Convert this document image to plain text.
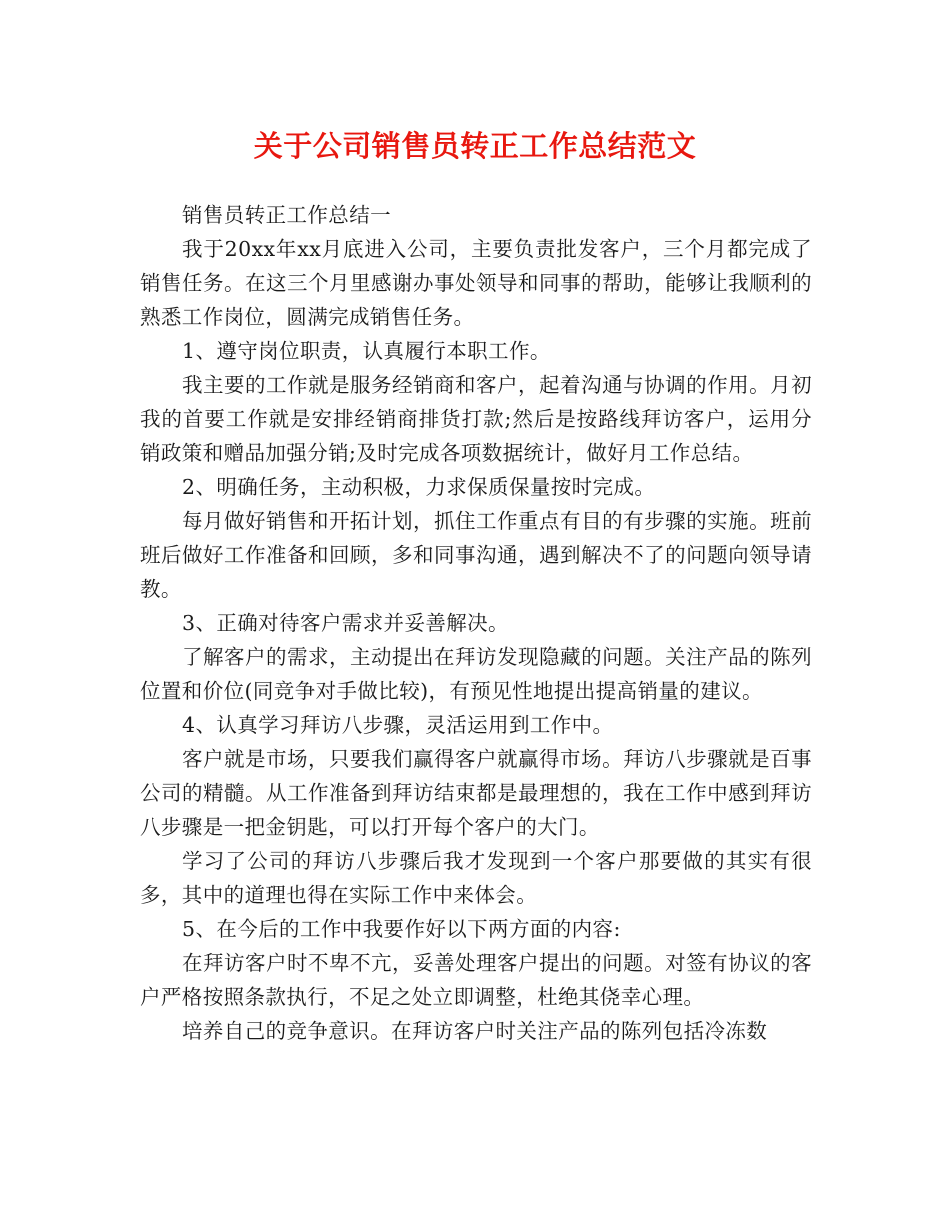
关于公司销售员转正工作总结范文

销售员转正工作总结一

我于20xx年xx月底进入公司，主要负责批发客户，三个月都完成了销售任务。在这三个月里感谢办事处领导和同事的帮助，能够让我顺利的熟悉工作岗位，圆满完成销售任务。

1、遵守岗位职责，认真履行本职工作。

我主要的工作就是服务经销商和客户，起着沟通与协调的作用。月初我的首要工作就是安排经销商排货打款;然后是按路线拜访客户，运用分销政策和赠品加强分销;及时完成各项数据统计，做好月工作总结。

2、明确任务，主动积极，力求保质保量按时完成。

每月做好销售和开拓计划，抓住工作重点有目的有步骤的实施。班前班后做好工作准备和回顾，多和同事沟通，遇到解决不了的问题向领导请教。

3、正确对待客户需求并妥善解决。

了解客户的需求，主动提出在拜访发现隐藏的问题。关注产品的陈列位置和价位(同竞争对手做比较)，有预见性地提出提高销量的建议。

4、认真学习拜访八步骤，灵活运用到工作中。

客户就是市场，只要我们赢得客户就赢得市场。拜访八步骤就是百事公司的精髓。从工作准备到拜访结束都是最理想的，我在工作中感到拜访八步骤是一把金钥匙，可以打开每个客户的大门。

学习了公司的拜访八步骤后我才发现到一个客户那要做的其实有很多，其中的道理也得在实际工作中来体会。

5、在今后的工作中我要作好以下两方面的内容:

在拜访客户时不卑不亢，妥善处理客户提出的问题。对签有协议的客户严格按照条款执行，不足之处立即调整，杜绝其侥幸心理。

培养自己的竞争意识。在拜访客户时关注产品的陈列包括冷冻数
